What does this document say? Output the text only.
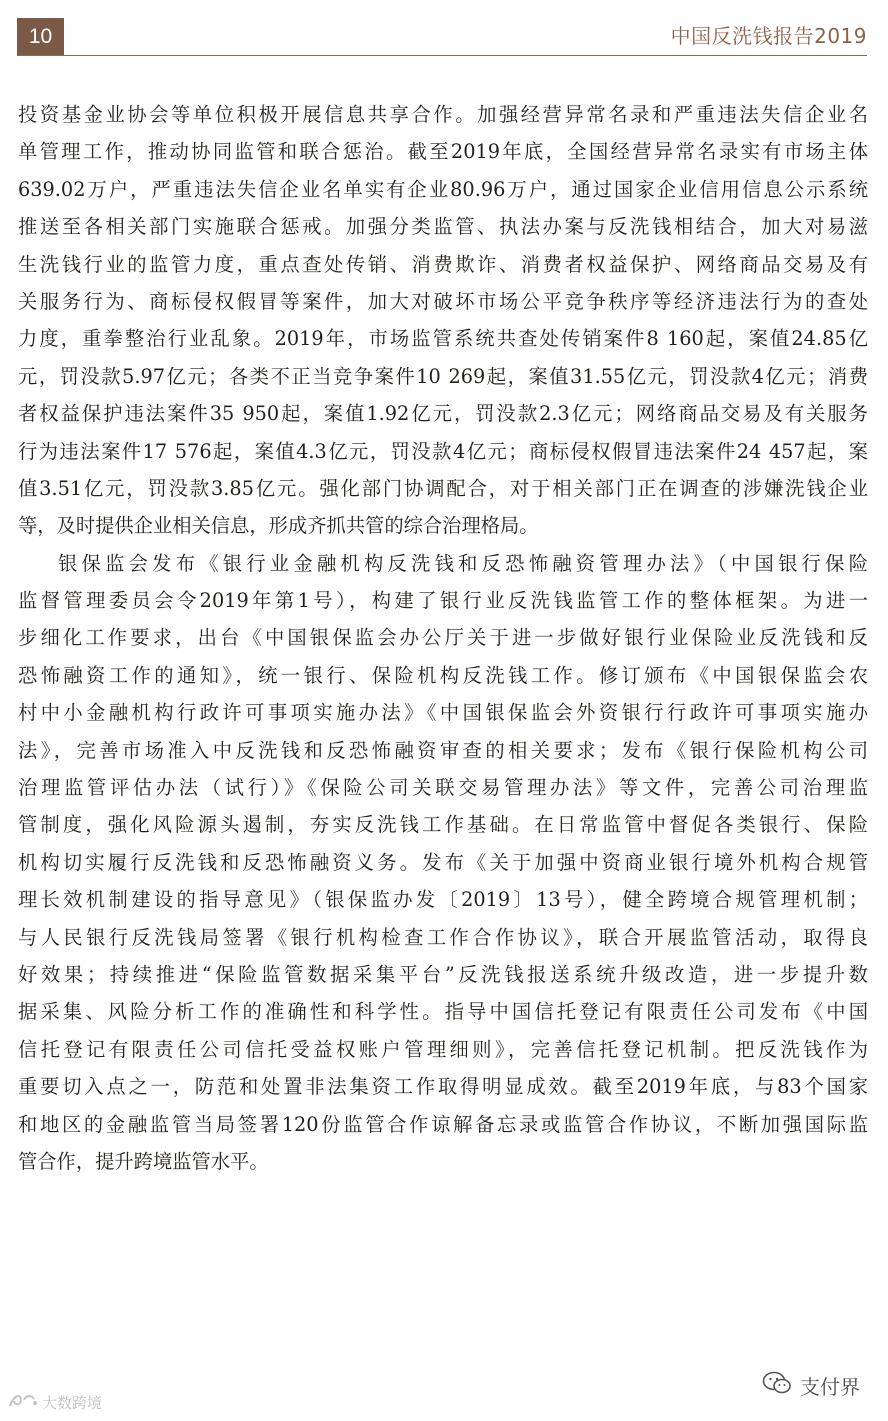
10	中国反洗钱报告2019
投资基金业协会等单位积极开展信息共享合作。加强经营异常名录和严重违法失信企业名
单管理工作，推动协同监管和联合惩治。截至2019年底，全国经营异常名录实有市场主体
639.02万户，严重违法失信企业名单实有企业80.96万户，通过国家企业信用信息公示系统
推送至各相关部门实施联合惩戒。加强分类监管、执法办案与反洗钱相结合，加大对易滋
生洗钱行业的监管力度，重点查处传销、消费欺诈、消费者权益保护、网络商品交易及有
关服务行为、商标侵权假冒等案件，加大对破坏市场公平竞争秩序等经济违法行为的查处
力度，重拳整治行业乱象。2019年，市场监管系统共查处传销案件8 160起，案值24.85亿
元，罚没款5.97亿元；各类不正当竞争案件10 269起，案值31.55亿元，罚没款4亿元；消费
者权益保护违法案件35 950起，案值1.92亿元，罚没款2.3亿元；网络商品交易及有关服务
行为违法案件17 576起，案值4.3亿元，罚没款4亿元；商标侵权假冒违法案件24 457起，案
值3.51亿元，罚没款3.85亿元。强化部门协调配合，对于相关部门正在调查的涉嫌洗钱企业
等，及时提供企业相关信息，形成齐抓共管的综合治理格局。
银保监会发布《银行业金融机构反洗钱和反恐怖融资管理办法》（中国银行保险
监督管理委员会令2019年第1号），构建了银行业反洗钱监管工作的整体框架。为进一
步细化工作要求，出台《中国银保监会办公厅关于进一步做好银行业保险业反洗钱和反
恐怖融资工作的通知》，统一银行、保险机构反洗钱工作。修订颁布《中国银保监会农
村中小金融机构行政许可事项实施办法》《中国银保监会外资银行行政许可事项实施办
法》，完善市场准入中反洗钱和反恐怖融资审查的相关要求；发布《银行保险机构公司
治理监管评估办法（试行）》《保险公司关联交易管理办法》等文件，完善公司治理监
管制度，强化风险源头遏制，夯实反洗钱工作基础。在日常监管中督促各类银行、保险
机构切实履行反洗钱和反恐怖融资义务。发布《关于加强中资商业银行境外机构合规管
理长效机制建设的指导意见》（银保监办发〔2019〕13号），健全跨境合规管理机制；
与人民银行反洗钱局签署《银行机构检查工作合作协议》，联合开展监管活动，取得良
好效果；持续推进“保险监管数据采集平台”反洗钱报送系统升级改造，进一步提升数
据采集、风险分析工作的准确性和科学性。指导中国信托登记有限责任公司发布《中国
信托登记有限责任公司信托受益权账户管理细则》，完善信托登记机制。把反洗钱作为
重要切入点之一，防范和处置非法集资工作取得明显成效。截至2019年底，与83个国家
和地区的金融监管当局签署120份监管合作谅解备忘录或监管合作协议，不断加强国际监
管合作，提升跨境监管水平。
支付界
大数跨境
